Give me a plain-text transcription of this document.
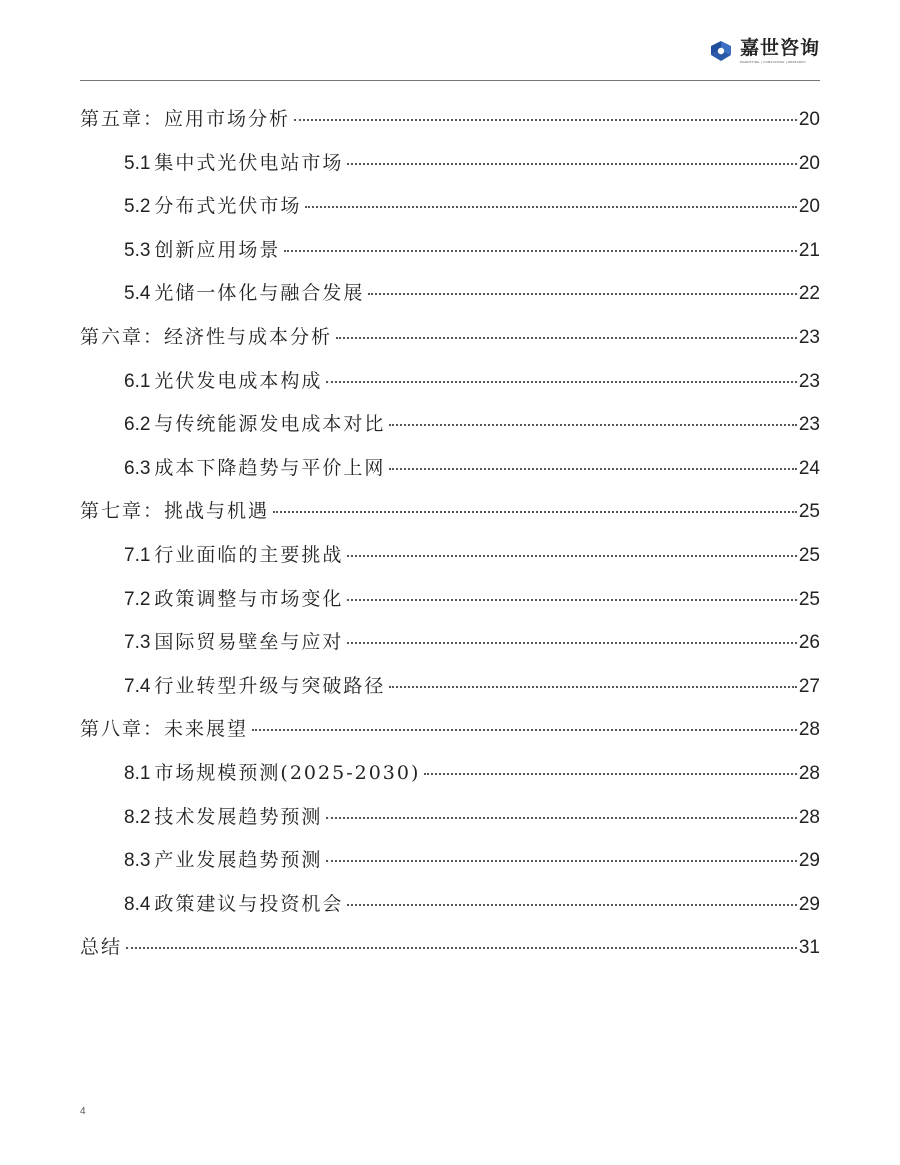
嘉世咨询
MARKETING | CONSULTING | RESEARCH
第五章：应用市场分析	20
5.1 集中式光伏电站市场	20
5.2 分布式光伏市场	20
5.3 创新应用场景	21
5.4 光储一体化与融合发展	22
第六章：经济性与成本分析	23
6.1 光伏发电成本构成	23
6.2 与传统能源发电成本对比	23
6.3 成本下降趋势与平价上网	24
第七章：挑战与机遇	25
7.1 行业面临的主要挑战	25
7.2 政策调整与市场变化	25
7.3 国际贸易壁垒与应对	26
7.4 行业转型升级与突破路径	27
第八章：未来展望	28
8.1 市场规模预测(2025-2030)	28
8.2 技术发展趋势预测	28
8.3 产业发展趋势预测	29
8.4 政策建议与投资机会	29
总结	31
4
